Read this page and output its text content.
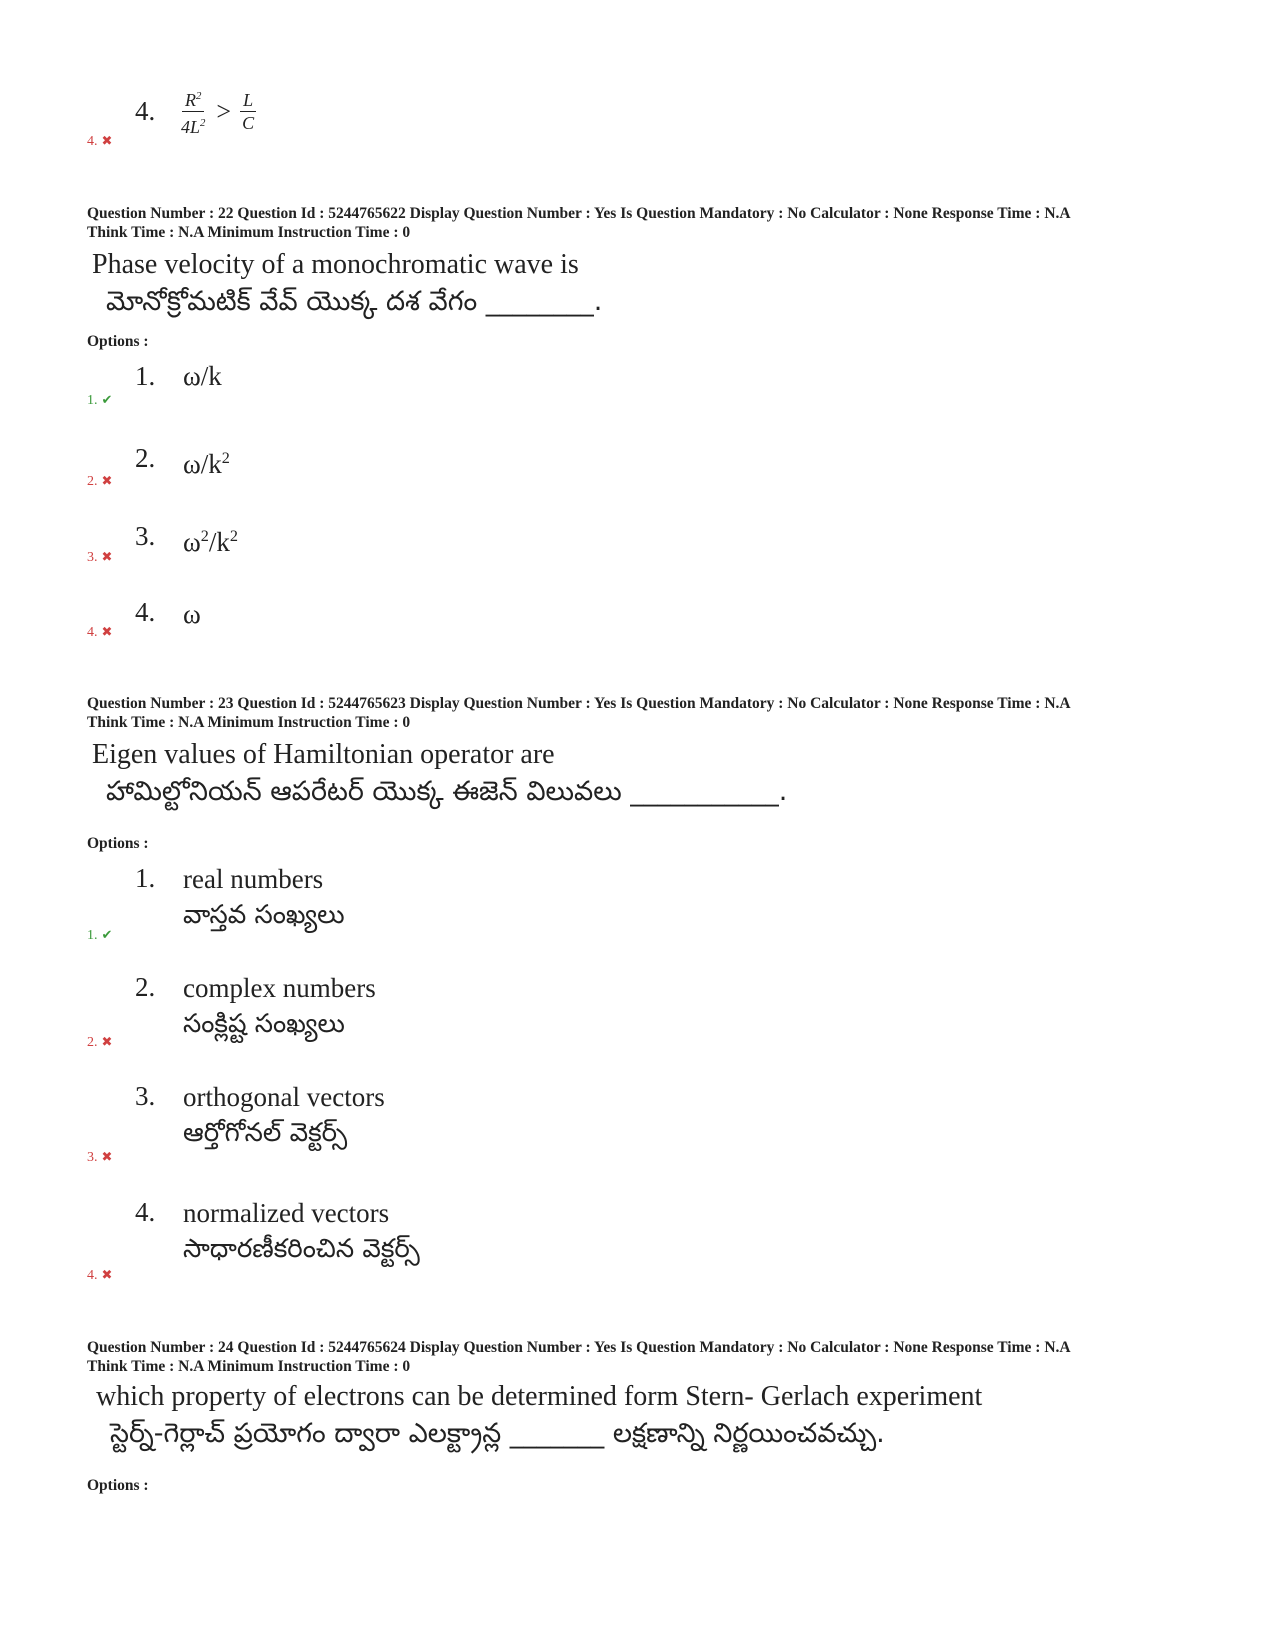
4. $\frac{R^2}{4L^2} > \frac{L}{C}$
4. ✖
Question Number : 22 Question Id : 5244765622 Display Question Number : Yes Is Question Mandatory : No Calculator : None Response Time : N.A
Think Time : N.A Minimum Instruction Time : 0
Phase velocity of a monochromatic wave is
మోనోక్రోమటిక్ వేవ్ యొక్క దశ వేగం ________.
Options :
1. ω/k
1. ✔
2. $\omega/k^2$
2. ✖
3. $\omega^2/k^2$
3. ✖
4. ω
4. ✖
Question Number : 23 Question Id : 5244765623 Display Question Number : Yes Is Question Mandatory : No Calculator : None Response Time : N.A
Think Time : N.A Minimum Instruction Time : 0
Eigen values of Hamiltonian operator are
హామిల్టోనియన్ ఆపరేటర్ యొక్క ఈజెన్ విలువలు ___________.
Options :
1. real numbers
వాస్తవ సంఖ్యలు
1. ✔
2. complex numbers
సంక్లిష్ట సంఖ్యలు
2. ✖
3. orthogonal vectors
ఆర్తోగోనల్ వెక్టర్స్
3. ✖
4. normalized vectors
సాధారణీకరించిన వెక్టర్స్
4. ✖
Question Number : 24 Question Id : 5244765624 Display Question Number : Yes Is Question Mandatory : No Calculator : None Response Time : N.A
Think Time : N.A Minimum Instruction Time : 0
which property of electrons can be determined form Stern- Gerlach experiment
స్టెర్న్-గెర్లాచ్ ప్రయోగం ద్వారా ఎలక్ట్రాన్ల _______ లక్షణాన్ని నిర్ణయించవచ్చు.
Options :
